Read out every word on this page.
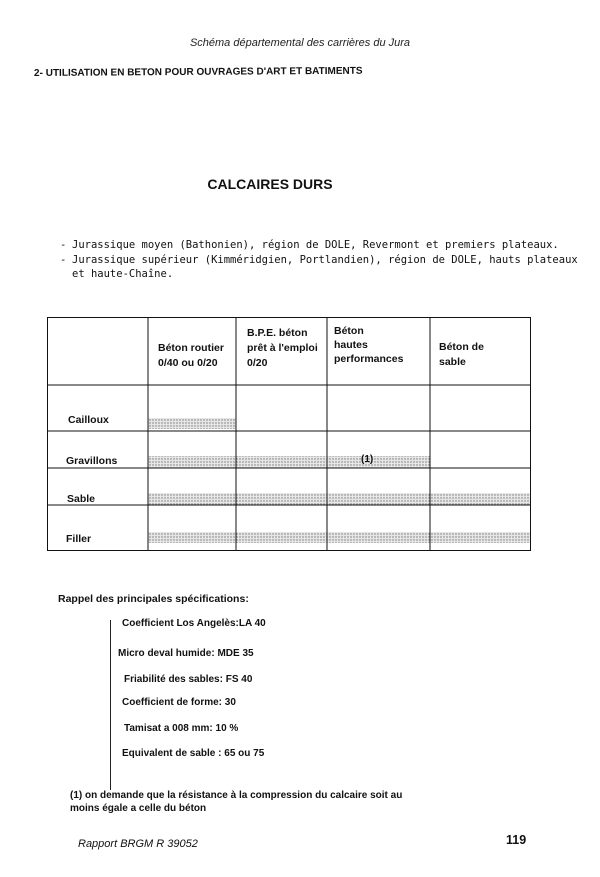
Schéma départemental des carrières du Jura
2- UTILISATION EN BETON POUR OUVRAGES D'ART ET BATIMENTS
CALCAIRES DURS
- Jurassique moyen (Bathonien), région de DOLE, Revermont et premiers plateaux.
- Jurassique supérieur (Kimméridgien, Portlandien), région de DOLE, hauts plateaux et haute-Chaîne.
Béton routier
0/40 ou 0/20
B.P.E. béton
prêt à l'emploi
0/20
Béton
hautes
performances
Béton de
sable
Cailloux
Gravillons
Sable
Filler
(1)
Rappel des principales spécifications:
Coefficient Los Angelès:LA 40
Micro deval humide: MDE 35
Friabilité des sables: FS 40
Coefficient de forme: 30
Tamisat a 008 mm: 10 %
Equivalent de sable : 65 ou 75
(1) on demande que la résistance à la compression du calcaire soit au moins égale a celle du béton
Rapport BRGM R 39052	119
